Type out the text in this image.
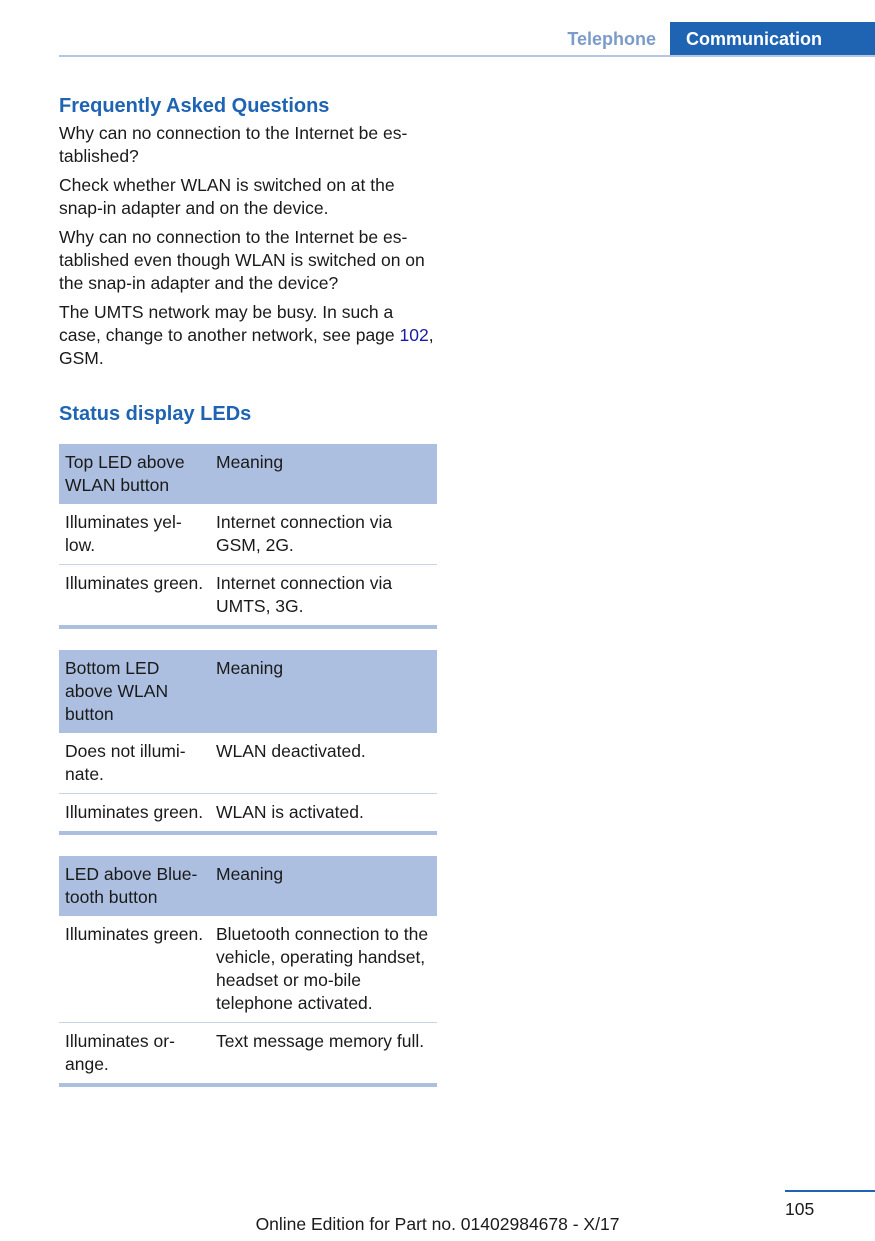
Telephone	Communication
Frequently Asked Questions

Why can no connection to the Internet be es-tablished?

Check whether WLAN is switched on at the snap-in adapter and on the device.

Why can no connection to the Internet be es-tablished even though WLAN is switched on on the snap-in adapter and the device?

The UMTS network may be busy. In such a case, change to another network, see page 102, GSM.

Status display LEDs
Top LED above WLAN button	Meaning
Illuminates yel-low.	Internet connection via GSM, 2G.
Illuminates green.	Internet connection via UMTS, 3G.
Bottom LED above WLAN button	Meaning
Does not illumi-nate.	WLAN deactivated.
Illuminates green.	WLAN is activated.
LED above Blue-tooth button	Meaning
Illuminates green.	Bluetooth connection to the vehicle, operating handset, headset or mo-bile telephone activated.
Illuminates or-ange.	Text message memory full.
105
Online Edition for Part no. 01402984678 - X/17
